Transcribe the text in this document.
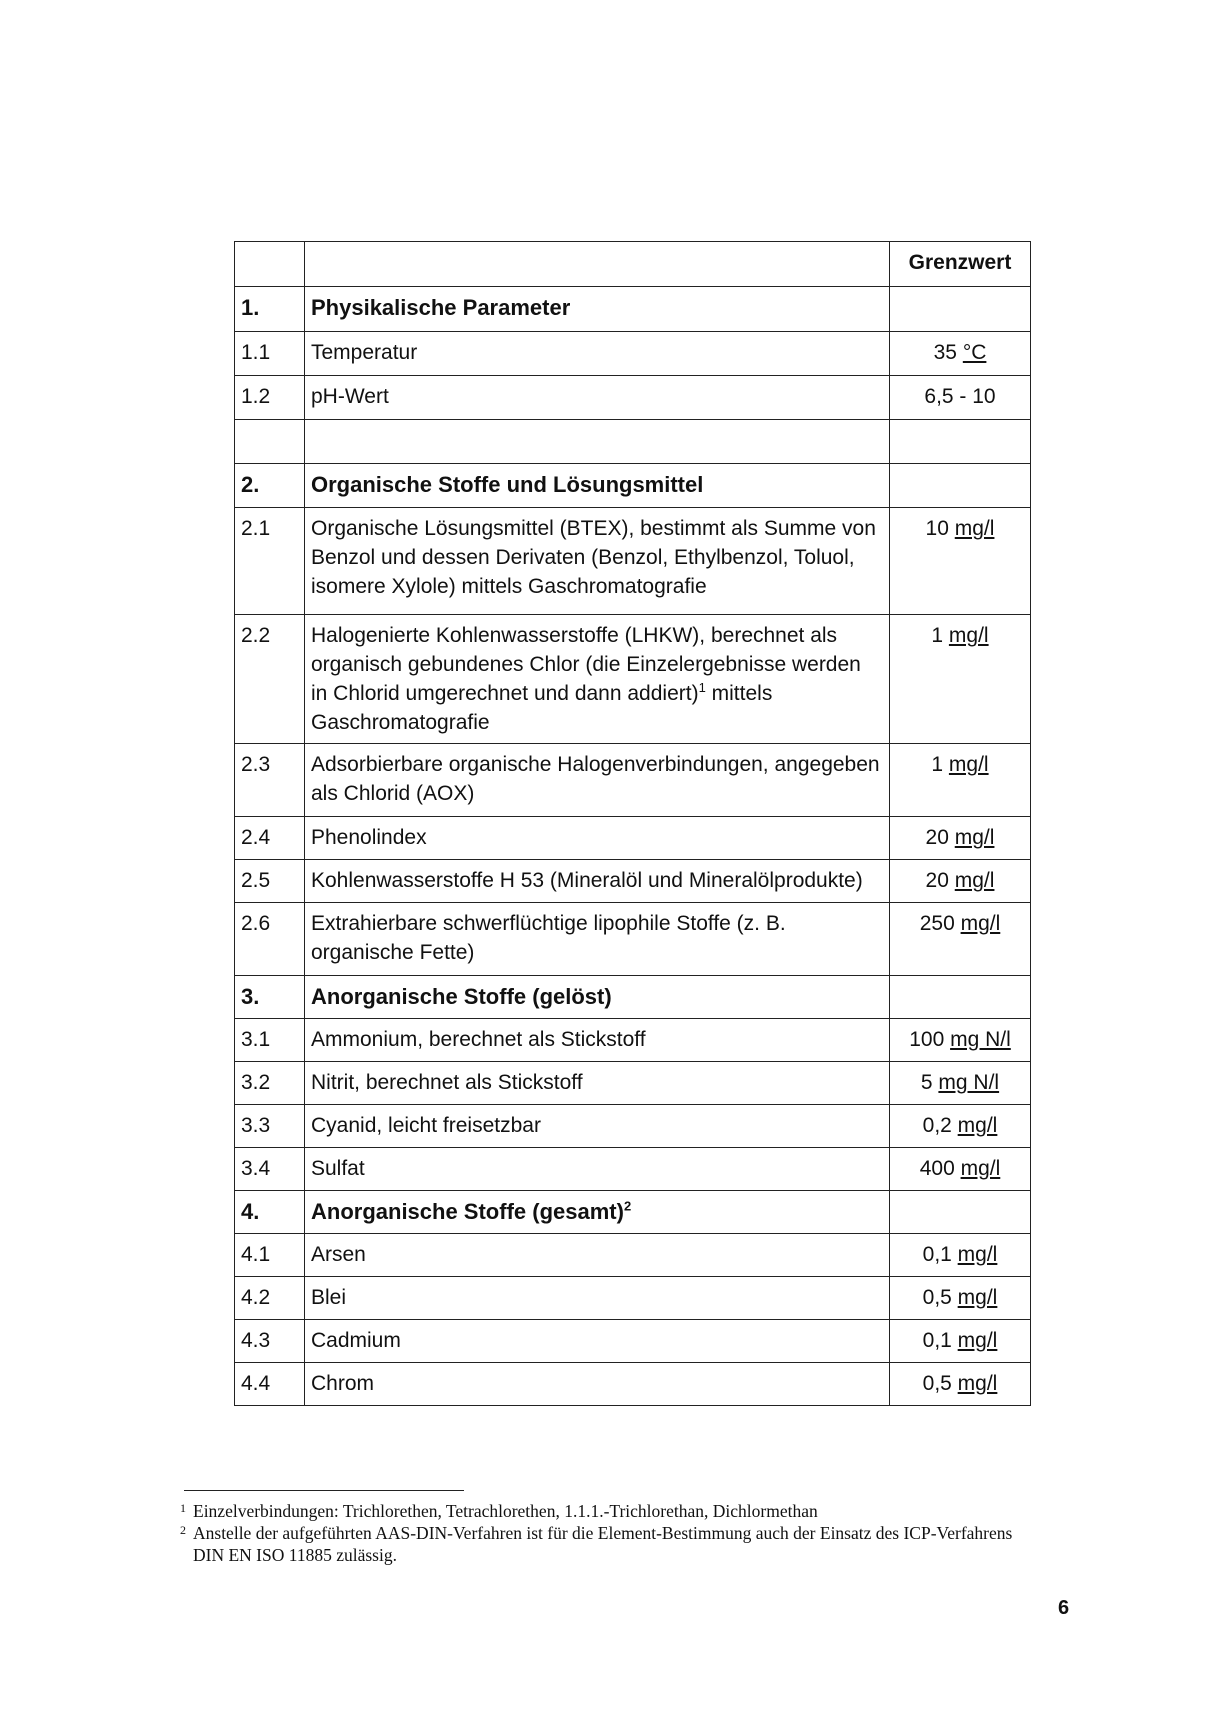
		Grenzwert
1.	Physikalische Parameter	
1.1	Temperatur	35 °C
1.2	pH-Wert	6,5 - 10

2.	Organische Stoffe und Lösungsmittel	
2.1	Organische Lösungsmittel (BTEX), bestimmt als Summe von Benzol und dessen Derivaten (Benzol, Ethylbenzol, Toluol, isomere Xylole) mittels Gaschromatografie	10 mg/l
2.2	Halogenierte Kohlenwasserstoffe (LHKW), berechnet als organisch gebundenes Chlor (die Einzelergebnisse werden in Chlorid umgerechnet und dann addiert)$^1$ mittels Gaschromatografie	1 mg/l
2.3	Adsorbierbare organische Halogenverbindungen, angegeben als Chlorid (AOX)	1 mg/l
2.4	Phenolindex	20 mg/l
2.5	Kohlenwasserstoffe H 53 (Mineralöl und Mineralölprodukte)	20 mg/l
2.6	Extrahierbare schwerflüchtige lipophile Stoffe (z. B. organische Fette)	250 mg/l
3.	Anorganische Stoffe (gelöst)	
3.1	Ammonium, berechnet als Stickstoff	100 mg N/l
3.2	Nitrit, berechnet als Stickstoff	5 mg N/l
3.3	Cyanid, leicht freisetzbar	0,2 mg/l
3.4	Sulfat	400 mg/l
4.	Anorganische Stoffe (gesamt)$^2$	
4.1	Arsen	0,1 mg/l
4.2	Blei	0,5 mg/l
4.3	Cadmium	0,1 mg/l
4.4	Chrom	0,5 mg/l
1 Einzelverbindungen: Trichlorethen, Tetrachlorethen, 1.1.1.-Trichlorethan, Dichlormethan
2 Anstelle der aufgeführten AAS-DIN-Verfahren ist für die Element-Bestimmung auch der Einsatz des ICP-Verfahrens DIN EN ISO 11885 zulässig.
6
